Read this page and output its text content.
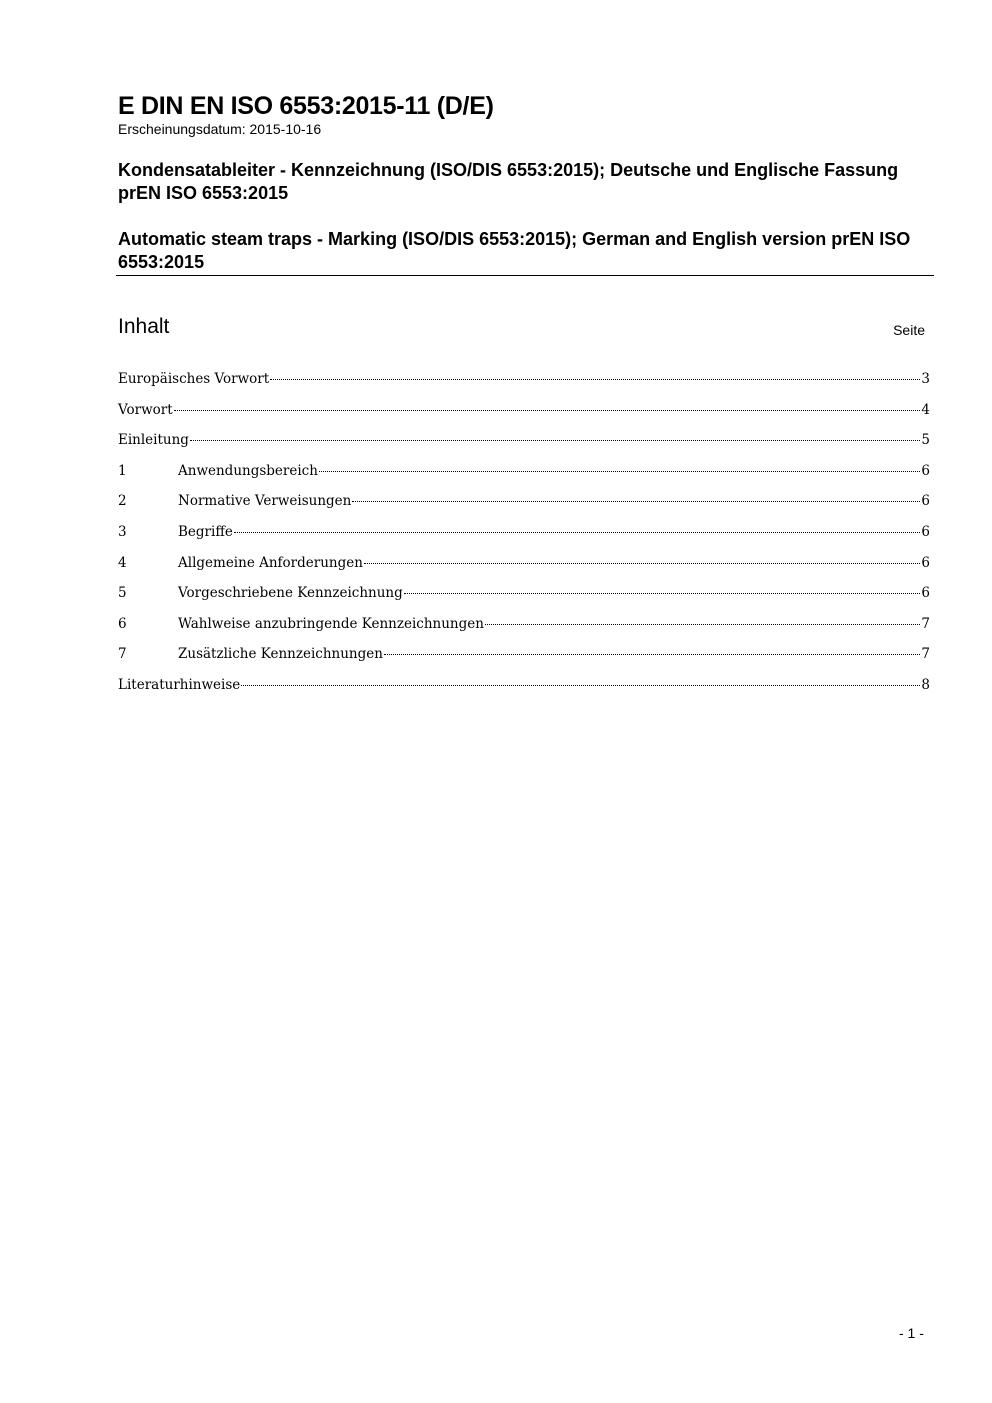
E DIN EN ISO 6553:2015-11 (D/E)
Erscheinungsdatum: 2015-10-16
Kondensatableiter - Kennzeichnung (ISO/DIS 6553:2015); Deutsche und Englische Fassung prEN ISO 6553:2015
Automatic steam traps - Marking (ISO/DIS 6553:2015); German and English version prEN ISO 6553:2015
Inhalt	Seite
Europäisches Vorwort	3
Vorwort	4
Einleitung	5
1	Anwendungsbereich	6
2	Normative Verweisungen	6
3	Begriffe	6
4	Allgemeine Anforderungen	6
5	Vorgeschriebene Kennzeichnung	6
6	Wahlweise anzubringende Kennzeichnungen	7
7	Zusätzliche Kennzeichnungen	7
Literaturhinweise	8
- 1 -
